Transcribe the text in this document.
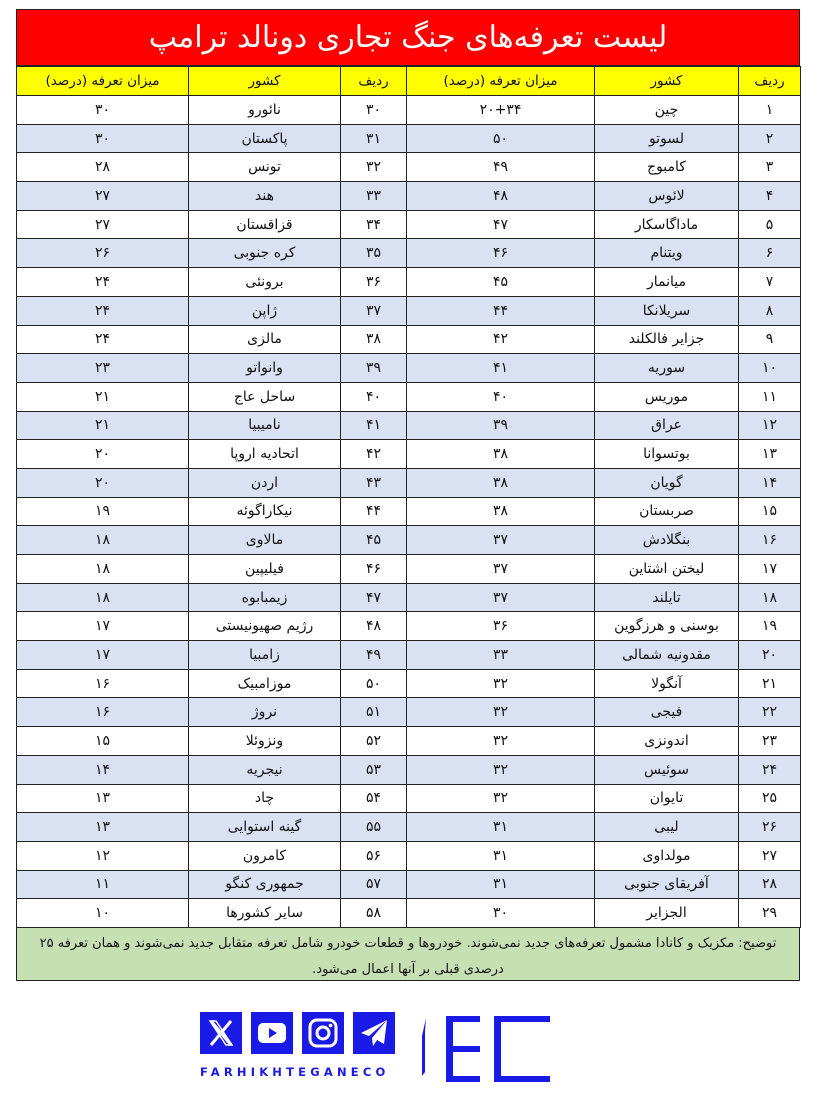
لیست تعرفه‌های جنگ تجاری دونالد ترامپ
ردیف	کشور	میزان تعرفه (درصد)	ردیف	کشور	میزان تعرفه (درصد)
۱	چین	۲۰+۳۴	۳۰	نائورو	۳۰
۲	لسوتو	۵۰	۳۱	پاکستان	۳۰
۳	کامبوج	۴۹	۳۲	تونس	۲۸
۴	لائوس	۴۸	۳۳	هند	۲۷
۵	ماداگاسکار	۴۷	۳۴	قزاقستان	۲۷
۶	ویتنام	۴۶	۳۵	کره جنوبی	۲۶
۷	میانمار	۴۵	۳۶	برونئی	۲۴
۸	سریلانکا	۴۴	۳۷	ژاپن	۲۴
۹	جزایر فالکلند	۴۲	۳۸	مالزی	۲۴
۱۰	سوریه	۴۱	۳۹	وانواتو	۲۳
۱۱	موریس	۴۰	۴۰	ساحل عاج	۲۱
۱۲	عراق	۳۹	۴۱	نامیبیا	۲۱
۱۳	بوتسوانا	۳۸	۴۲	اتحادیه اروپا	۲۰
۱۴	گویان	۳۸	۴۳	اردن	۲۰
۱۵	صربستان	۳۸	۴۴	نیکاراگوئه	۱۹
۱۶	بنگلادش	۳۷	۴۵	مالاوی	۱۸
۱۷	لیختن اشتاین	۳۷	۴۶	فیلیپین	۱۸
۱۸	تایلند	۳۷	۴۷	زیمبابوه	۱۸
۱۹	بوسنی و هرزگوین	۳۶	۴۸	رژیم صهیونیستی	۱۷
۲۰	مقدونیه شمالی	۳۳	۴۹	زامبیا	۱۷
۲۱	آنگولا	۳۲	۵۰	موزامبیک	۱۶
۲۲	فیجی	۳۲	۵۱	نروژ	۱۶
۲۳	اندونزی	۳۲	۵۲	ونزوئلا	۱۵
۲۴	سوئیس	۳۲	۵۳	نیجریه	۱۴
۲۵	تایوان	۳۲	۵۴	چاد	۱۳
۲۶	لیبی	۳۱	۵۵	گینه استوایی	۱۳
۲۷	مولداوی	۳۱	۵۶	کامرون	۱۲
۲۸	آفریقای جنوبی	۳۱	۵۷	جمهوری کنگو	۱۱
۲۹	الجزایر	۳۰	۵۸	سایر کشورها	۱۰
توضیح: مکزیک و کانادا مشمول تعرفه‌های جدید نمی‌شوند. خودروها و قطعات خودرو شامل تعرفه متقابل جدید نمی‌شوند و همان تعرفه ۲۵ درصدی قبلی بر آنها اعمال می‌شود.
FARHIKHTEGANECO
